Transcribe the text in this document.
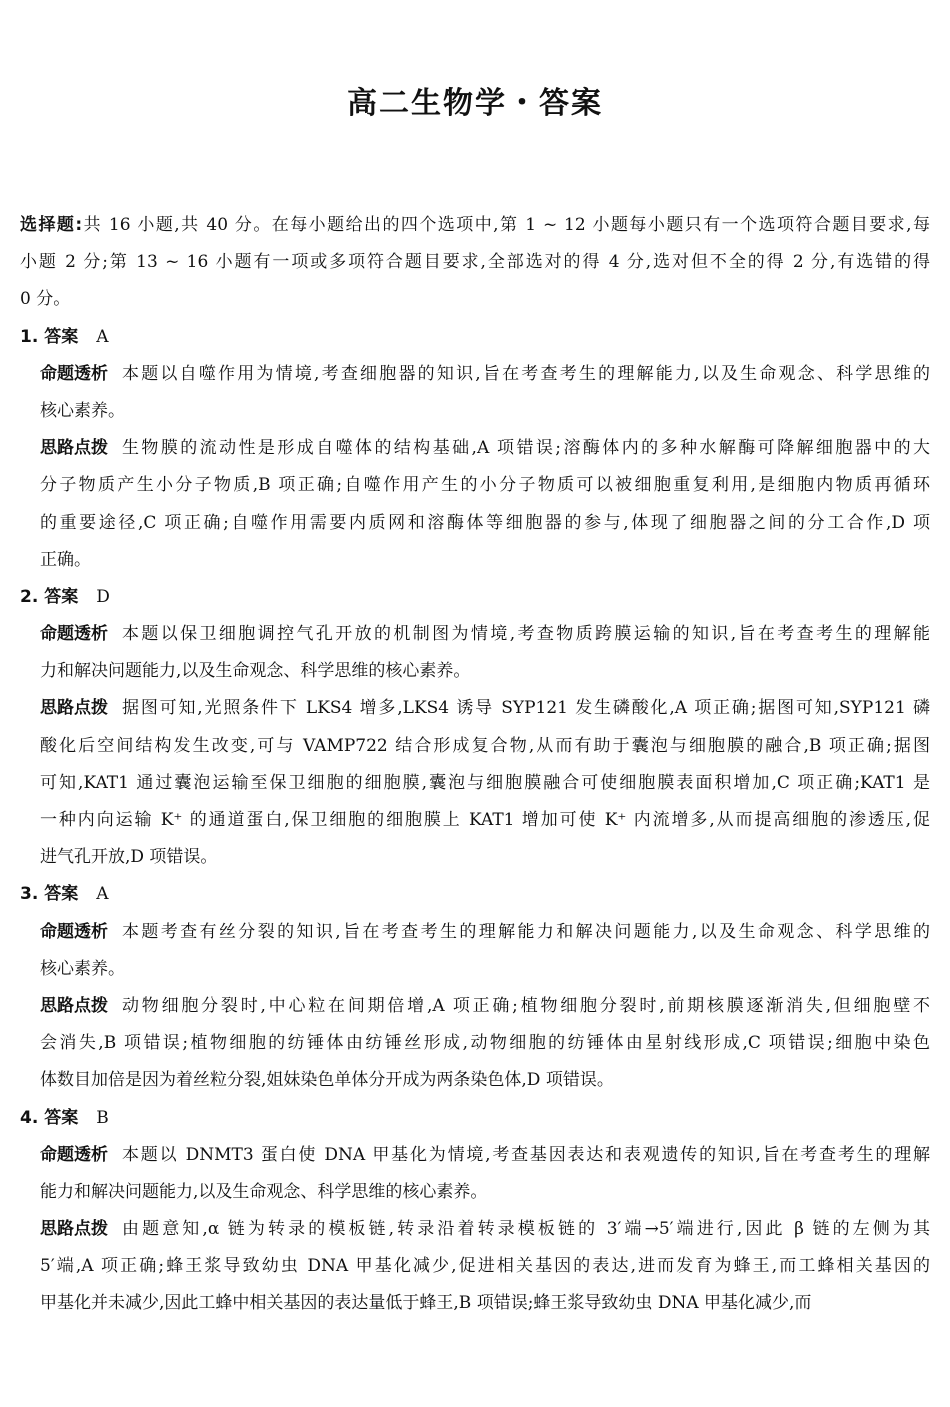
高二生物学・答案
选择题:共 16 小题,共 40 分。在每小题给出的四个选项中,第 1 ~ 12 小题每小题只有一个选项符合题目要求,每
小题 2 分;第 13 ~ 16 小题有一项或多项符合题目要求,全部选对的得 4 分,选对但不全的得 2 分,有选错的得
0 分。
1. 答案 A
命题透析 本题以自噬作用为情境,考查细胞器的知识,旨在考查考生的理解能力,以及生命观念、科学思维的
核心素养。
思路点拨 生物膜的流动性是形成自噬体的结构基础,A 项错误;溶酶体内的多种水解酶可降解细胞器中的大
分子物质产生小分子物质,B 项正确;自噬作用产生的小分子物质可以被细胞重复利用,是细胞内物质再循环
的重要途径,C 项正确;自噬作用需要内质网和溶酶体等细胞器的参与,体现了细胞器之间的分工合作,D 项
正确。
2. 答案 D
命题透析 本题以保卫细胞调控气孔开放的机制图为情境,考查物质跨膜运输的知识,旨在考查考生的理解能
力和解决问题能力,以及生命观念、科学思维的核心素养。
思路点拨 据图可知,光照条件下 LKS4 增多,LKS4 诱导 SYP121 发生磷酸化,A 项正确;据图可知,SYP121 磷
酸化后空间结构发生改变,可与 VAMP722 结合形成复合物,从而有助于囊泡与细胞膜的融合,B 项正确;据图
可知,KAT1 通过囊泡运输至保卫细胞的细胞膜,囊泡与细胞膜融合可使细胞膜表面积增加,C 项正确;KAT1 是
一种内向运输 K⁺ 的通道蛋白,保卫细胞的细胞膜上 KAT1 增加可使 K⁺ 内流增多,从而提高细胞的渗透压,促
进气孔开放,D 项错误。
3. 答案 A
命题透析 本题考查有丝分裂的知识,旨在考查考生的理解能力和解决问题能力,以及生命观念、科学思维的
核心素养。
思路点拨 动物细胞分裂时,中心粒在间期倍增,A 项正确;植物细胞分裂时,前期核膜逐渐消失,但细胞壁不
会消失,B 项错误;植物细胞的纺锤体由纺锤丝形成,动物细胞的纺锤体由星射线形成,C 项错误;细胞中染色
体数目加倍是因为着丝粒分裂,姐妹染色单体分开成为两条染色体,D 项错误。
4. 答案 B
命题透析 本题以 DNMT3 蛋白使 DNA 甲基化为情境,考查基因表达和表观遗传的知识,旨在考查考生的理解
能力和解决问题能力,以及生命观念、科学思维的核心素养。
思路点拨 由题意知,α 链为转录的模板链,转录沿着转录模板链的 3′端→5′端进行,因此 β 链的左侧为其
5′端,A 项正确;蜂王浆导致幼虫 DNA 甲基化减少,促进相关基因的表达,进而发育为蜂王,而工蜂相关基因的
甲基化并未减少,因此工蜂中相关基因的表达量低于蜂王,B 项错误;蜂王浆导致幼虫 DNA 甲基化减少,而
